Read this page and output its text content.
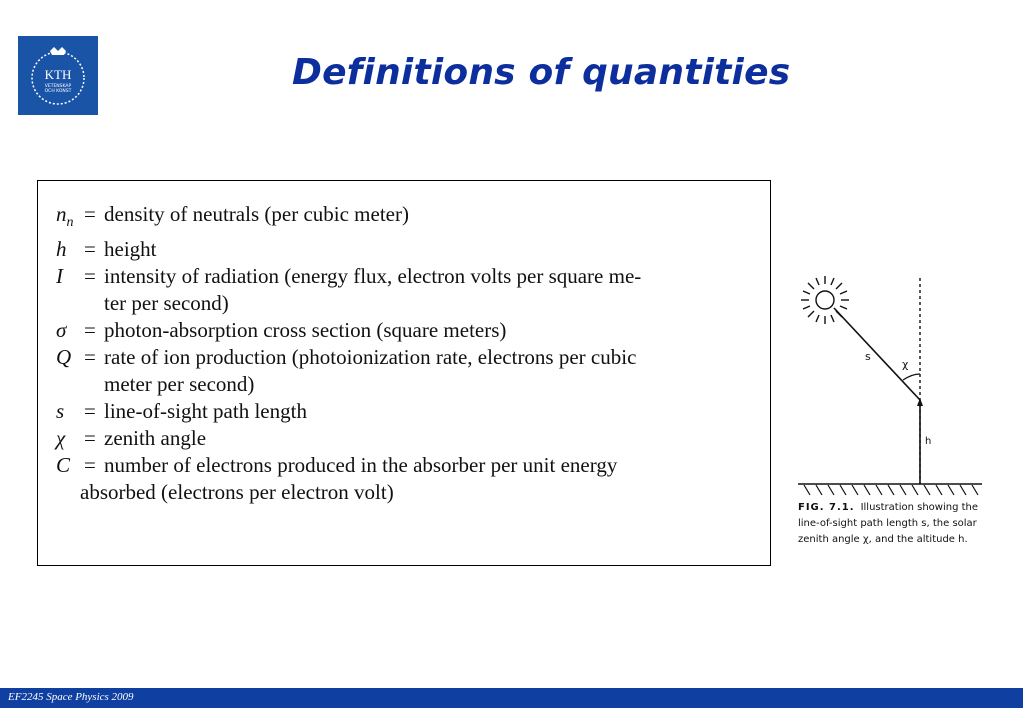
KTH
VETENSKAP
OCH KONST	Definitions of quantities
$n_n$ = density of neutrals (per cubic meter)
h = height
I	= intensity of radiation (energy flux, electron volts per square me-
ter per second)
σ = photon-absorption cross section (square meters)
Q = rate of ion production (photoionization rate, electrons per cubic
meter per second)
s = line-of-sight path length
χ = zenith angle
C = number of electrons produced in the absorber per unit energy
absorbed (electrons per electron volt)
s
χ
h
FIG. 7.1. Illustration showing the line-of-sight path length s, the solar zenith angle χ, and the altitude h.
EF2245 Space Physics 2009
